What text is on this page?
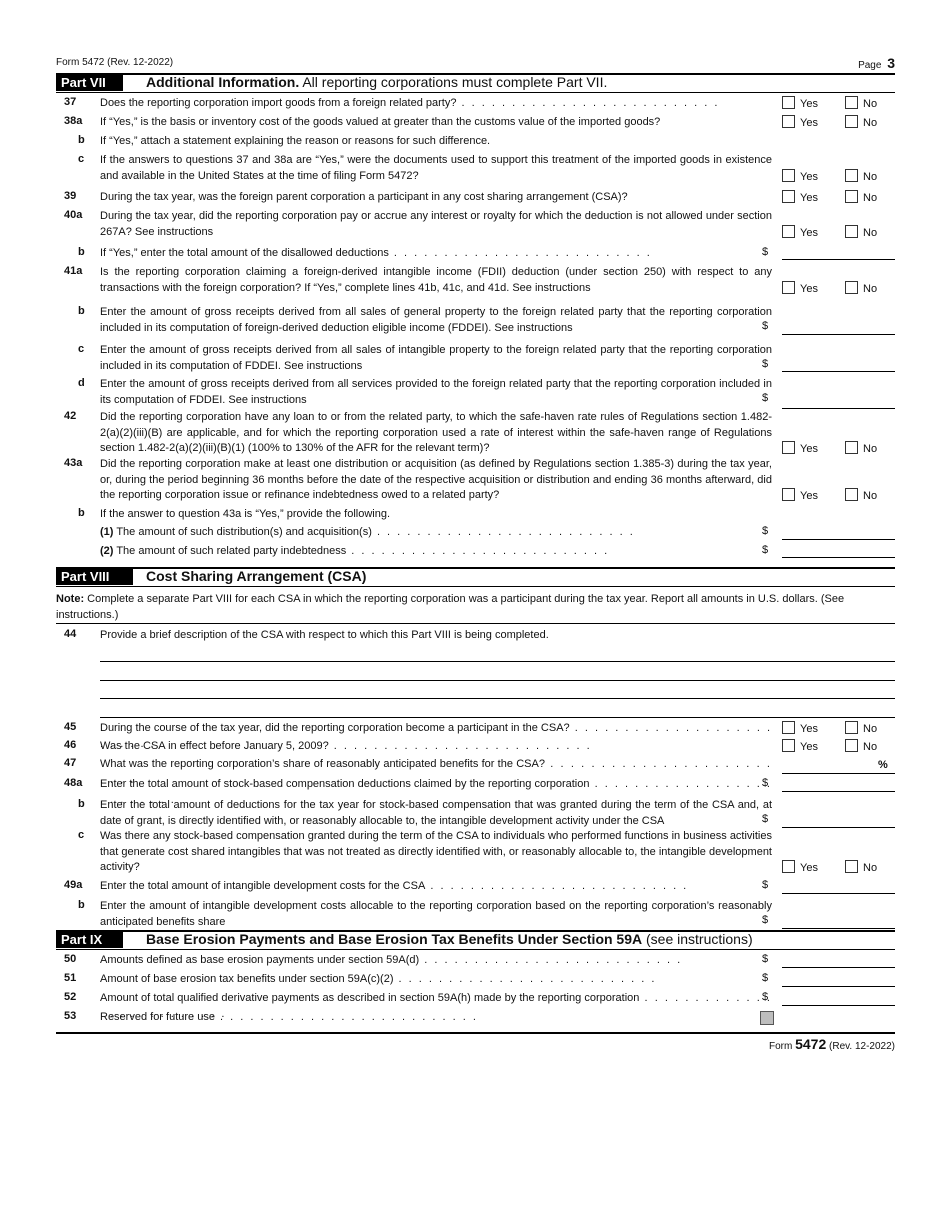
Form 5472 (Rev. 12-2022)	Page 3
Part VII	Additional Information. All reporting corporations must complete Part VII.
37 Does the reporting corporation import goods from a foreign related party? . .	Yes	No
38a If “Yes,” is the basis or inventory cost of the goods valued at greater than the customs value of the imported goods?	Yes	No
b If “Yes,” attach a statement explaining the reason or reasons for such difference.
c If the answers to questions 37 and 38a are “Yes,” were the documents used to support this treatment of the imported goods in existence and available in the United States at the time of filing Form 5472?	Yes	No
39 During the tax year, was the foreign parent corporation a participant in any cost sharing arrangement (CSA)?	Yes	No
40a During the tax year, did the reporting corporation pay or accrue any interest or royalty for which the deduction is not allowed under section 267A? See instructions	Yes	No
b If “Yes,” enter the total amount of the disallowed deductions . .	$
41a Is the reporting corporation claiming a foreign-derived intangible income (FDII) deduction (under section 250) with respect to any transactions with the foreign corporation? If “Yes,” complete lines 41b, 41c, and 41d. See instructions	Yes	No
b Enter the amount of gross receipts derived from all sales of general property to the foreign related party that the reporting corporation included in its computation of foreign-derived deduction eligible income (FDDEI). See instructions	$
c Enter the amount of gross receipts derived from all sales of intangible property to the foreign related party that the reporting corporation included in its computation of FDDEI. See instructions	$
d Enter the amount of gross receipts derived from all services provided to the foreign related party that the reporting corporation included in its computation of FDDEI. See instructions	$
42 Did the reporting corporation have any loan to or from the related party, to which the safe-haven rate rules of Regulations section 1.482-2(a)(2)(iii)(B) are applicable, and for which the reporting corporation used a rate of interest within the safe-haven range of Regulations section 1.482-2(a)(2)(iii)(B)(1) (100% to 130% of the AFR for the relevant term)?	Yes	No
43a Did the reporting corporation make at least one distribution or acquisition (as defined by Regulations section 1.385-3) during the tax year, or, during the period beginning 36 months before the date of the respective acquisition or distribution and ending 36 months afterward, did the reporting corporation issue or refinance indebtedness owed to a related party?	Yes	No
b If the answer to question 43a is “Yes,” provide the following.
(1) The amount of such distribution(s) and acquisition(s) . .	$
(2) The amount of such related party indebtedness . .	$
Part VIII	Cost Sharing Arrangement (CSA)
Note: Complete a separate Part VIII for each CSA in which the reporting corporation was a participant during the tax year. Report all amounts in U.S. dollars. (See instructions.)
44 Provide a brief description of the CSA with respect to which this Part VIII is being completed.
45 During the course of the tax year, did the reporting corporation become a participant in the CSA? . .	Yes	No
46 Was the CSA in effect before January 5, 2009? . .	Yes	No
47 What was the reporting corporation’s share of reasonably anticipated benefits for the CSA? . .	%
48a Enter the total amount of stock-based compensation deductions claimed by the reporting corporation . .	$
b Enter the total amount of deductions for the tax year for stock-based compensation that was granted during the term of the CSA and, at date of grant, is directly identified with, or reasonably allocable to, the intangible development activity under the CSA	$
c Was there any stock-based compensation granted during the term of the CSA to individuals who performed functions in business activities that generate cost shared intangibles that was not treated as directly identified with, or reasonably allocable to, the intangible development activity?	Yes	No
49a Enter the total amount of intangible development costs for the CSA . .	$
b Enter the amount of intangible development costs allocable to the reporting corporation based on the reporting corporation’s reasonably anticipated benefits share	$
Part IX	Base Erosion Payments and Base Erosion Tax Benefits Under Section 59A (see instructions)
50 Amounts defined as base erosion payments under section 59A(d) . .	$
51 Amount of base erosion tax benefits under section 59A(c)(2) . .	$
52 Amount of total qualified derivative payments as described in section 59A(h) made by the reporting corporation . .	$
53 Reserved for future use . .
Form 5472 (Rev. 12-2022)
